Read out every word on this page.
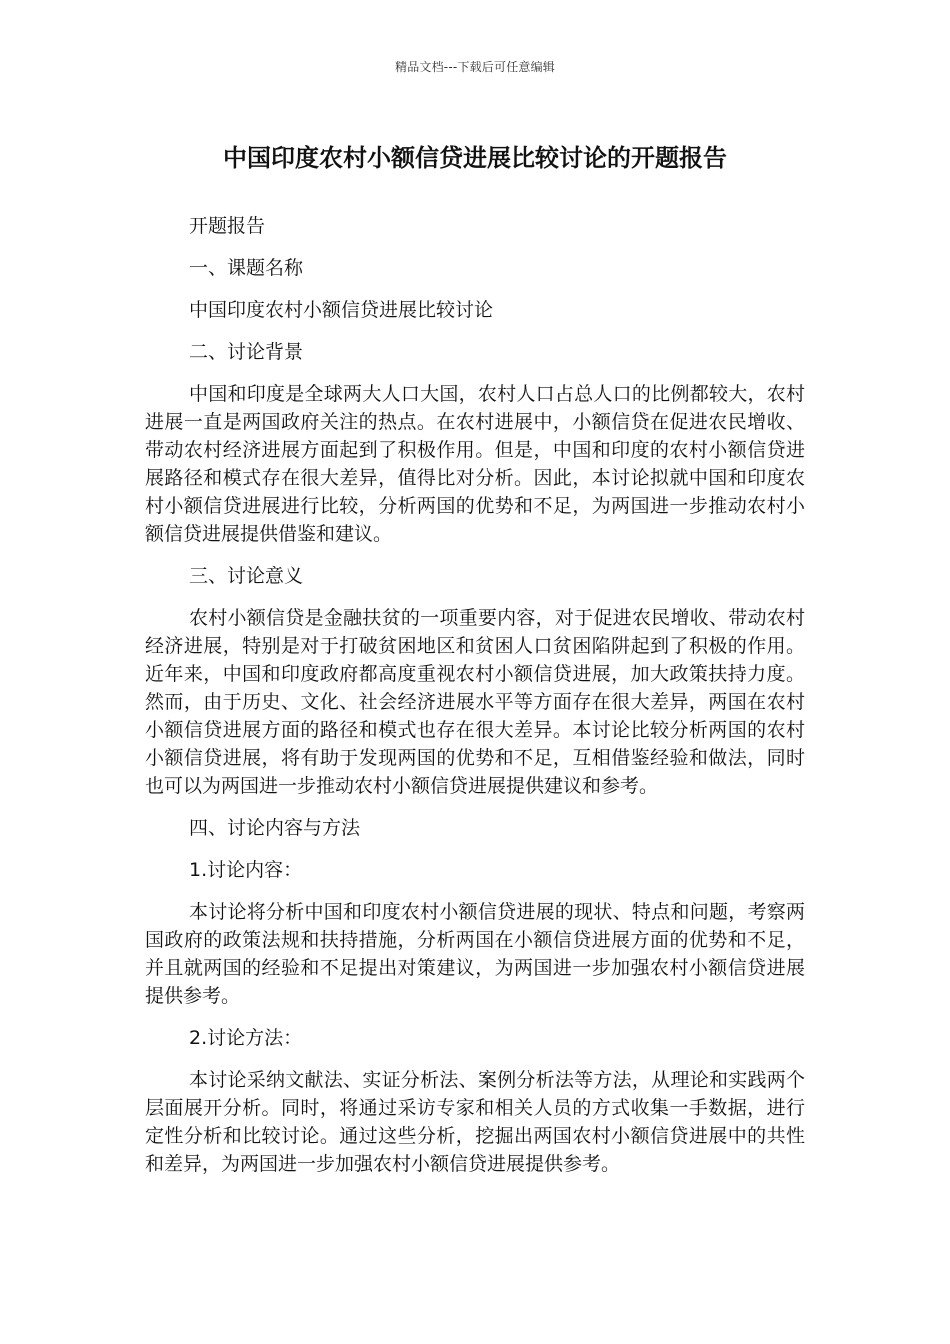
精品文档---下载后可任意编辑
中国印度农村小额信贷进展比较讨论的开题报告

开题报告

一、课题名称

中国印度农村小额信贷进展比较讨论

二、讨论背景

中国和印度是全球两大人口大国，农村人口占总人口的比例都较大，农村进展一直是两国政府关注的热点。在农村进展中，小额信贷在促进农民增收、带动农村经济进展方面起到了积极作用。但是，中国和印度的农村小额信贷进展路径和模式存在很大差异，值得比对分析。因此，本讨论拟就中国和印度农村小额信贷进展进行比较，分析两国的优势和不足，为两国进一步推动农村小额信贷进展提供借鉴和建议。

三、讨论意义

农村小额信贷是金融扶贫的一项重要内容，对于促进农民增收、带动农村经济进展，特别是对于打破贫困地区和贫困人口贫困陷阱起到了积极的作用。近年来，中国和印度政府都高度重视农村小额信贷进展，加大政策扶持力度。然而，由于历史、文化、社会经济进展水平等方面存在很大差异，两国在农村小额信贷进展方面的路径和模式也存在很大差异。本讨论比较分析两国的农村小额信贷进展，将有助于发现两国的优势和不足，互相借鉴经验和做法，同时也可以为两国进一步推动农村小额信贷进展提供建议和参考。

四、讨论内容与方法

1.讨论内容：

本讨论将分析中国和印度农村小额信贷进展的现状、特点和问题，考察两国政府的政策法规和扶持措施，分析两国在小额信贷进展方面的优势和不足，并且就两国的经验和不足提出对策建议，为两国进一步加强农村小额信贷进展提供参考。

2.讨论方法：

本讨论采纳文献法、实证分析法、案例分析法等方法，从理论和实践两个层面展开分析。同时，将通过采访专家和相关人员的方式收集一手数据，进行定性分析和比较讨论。通过这些分析，挖掘出两国农村小额信贷进展中的共性和差异，为两国进一步加强农村小额信贷进展提供参考。
